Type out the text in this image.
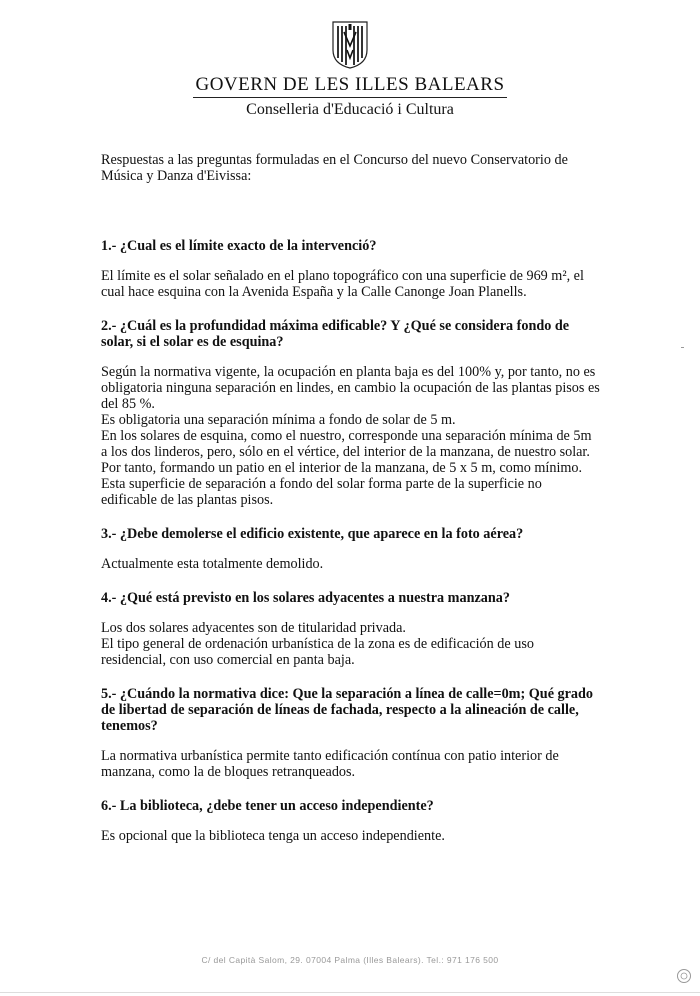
GOVERN DE LES ILLES BALEARS
Conselleria d'Educació i Cultura

Respuestas a las preguntas formuladas en el Concurso del nuevo Conservatorio de Música y Danza d'Eivissa:

1.- ¿Cual es el límite exacto de la intervenció?

El límite es el solar señalado en el plano topográfico con una superficie de 969 m², el cual hace esquina con la Avenida España y la Calle Canonge Joan Planells.

2.- ¿Cuál es la profundidad máxima edificable? Y ¿Qué se considera fondo de solar, si el solar es de esquina?

Según la normativa vigente, la ocupación en planta baja es del 100% y, por tanto, no es obligatoria ninguna separación en lindes, en cambio la ocupación de las plantas pisos es del 85 %.
Es obligatoria una separación mínima a fondo de solar de 5 m.
En los solares de esquina, como el nuestro, corresponde una separación mínima de 5m a los dos linderos, pero, sólo en el vértice, del interior de la manzana, de nuestro solar.
Por tanto, formando un patio en el interior de la manzana, de 5 x 5 m, como mínimo.
Esta superficie de separación a fondo del solar forma parte de la superficie no edificable de las plantas pisos.

3.- ¿Debe demolerse el edificio existente, que aparece en la foto aérea?

Actualmente esta totalmente demolido.

4.- ¿Qué está previsto en los solares adyacentes a nuestra manzana?

Los dos solares adyacentes son de titularidad privada.
El tipo general de ordenación urbanística de la zona es de edificación de uso residencial, con uso comercial en panta baja.

5.- ¿Cuándo la normativa dice: Que la separación a línea de calle=0m; Qué grado de libertad de separación de líneas de fachada, respecto a la alineación de calle, tenemos?

La normativa urbanística permite tanto edificación contínua con patio interior de manzana, como la de bloques retranqueados.

6.- La biblioteca, ¿debe tener un acceso independiente?

Es opcional que la biblioteca tenga un acceso independiente.

C/ del Capità Salom, 29. 07004 Palma (Illes Balears). Tel.: 971 176 500
